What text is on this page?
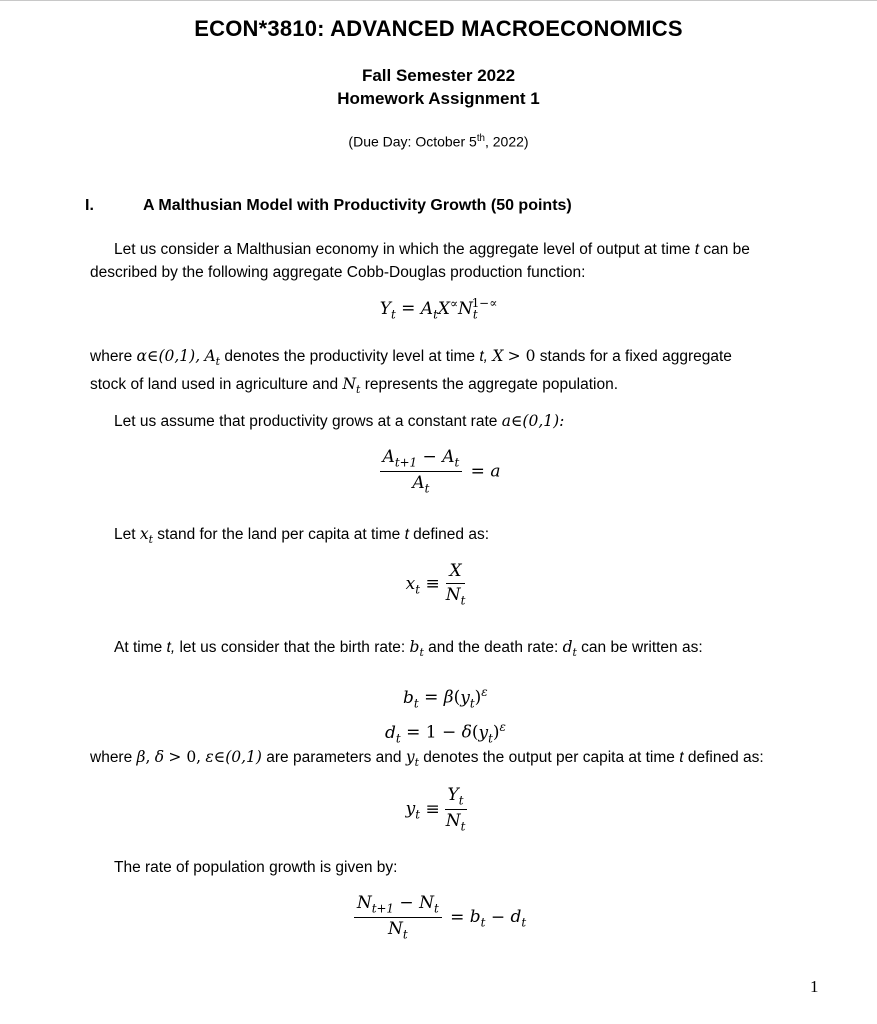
ECON*3810: ADVANCED MACROECONOMICS
Fall Semester 2022
Homework Assignment 1
(Due Day: October 5th, 2022)
I.	A Malthusian Model with Productivity Growth (50 points)
Let us consider a Malthusian economy in which the aggregate level of output at time t can be
described by the following aggregate Cobb-Douglas production function:
$Y_t = A_tX^\propto N_t^{1-\propto}$
where α∈(0,1), $A_t$ denotes the productivity level at time t, X > 0 stands for a fixed aggregate
stock of land used in agriculture and $N_t$ represents the aggregate population.
Let us assume that productivity grows at a constant rate a∈(0,1):
$\frac{A_{t+1} - A_t}{A_t} = a$
Let $x_t$ stand for the land per capita at time t defined as:
$x_t \equiv \frac{X}{N_t}$
At time t, let us consider that the birth rate: $b_t$ and the death rate: $d_t$ can be written as:
$b_t = \beta(y_t)^\varepsilon$
$d_t = 1 - \delta(y_t)^\varepsilon$
where β, δ > 0, ε∈(0,1) are parameters and $y_t$ denotes the output per capita at time t defined as:
$y_t \equiv \frac{Y_t}{N_t}$
The rate of population growth is given by:
$\frac{N_{t+1} - N_t}{N_t} = b_t - d_t$
1
